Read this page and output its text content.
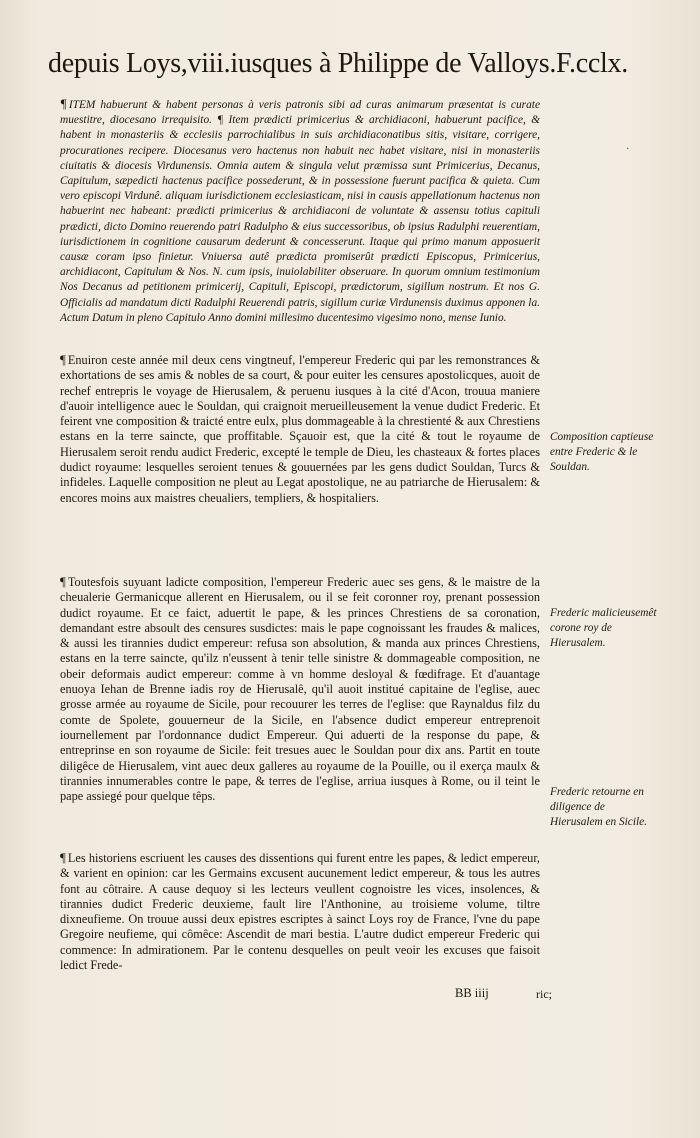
depuis Loys,viii.iusques à Philippe de Valloys.F.cclx.
·
¶ ITEM habuerunt & habent personas à veris patronis sibi ad curas animarum præsentat is curate muestitre, diocesano irrequisito. ¶ Item prædicti primicerius & archidiaconi, habuerunt pacifice, & habent in monasteriis & ecclesiis parrochialibus in suis archidiaconatibus sitis, visitare, corrigere, procurationes recipere. Diocesanus vero hactenus non habuit nec habet visitare, nisi in monasteriis ciuitatis & diocesis Virdunensis. Omnia autem & singula velut præmissa sunt Primicerius, Decanus, Capitulum, sæpedicti hactenus pacifice possederunt, & in possessione fuerunt pacifica & quieta. Cum vero episcopi Virdunê. aliquam iurisdictionem ecclesiasticam, nisi in causis appellationum hactenus non habuerint nec habeant: prædicti primicerius & archidiaconi de voluntate & assensu totius capituli prædicti, dicto Domino reuerendo patri Radulpho & eius successoribus, ob ipsius Radulphi reuerentiam, iurisdictionem in cognitione causarum dederunt & concesserunt. Itaque qui primo manum apposuerit causæ coram ipso finietur. Vniuersa autê prædicta promiserût prædicti Episcopus, Primicerius, archidiacont, Capitulum & Nos. N. cum ipsis, inuiolabiliter obseruare. In quorum omnium testimonium Nos Decanus ad petitionem primicerij, Capituli, Episcopi, prædictorum, sigillum nostrum. Et nos G. Officialis ad mandatum dicti Radulphi Reuerendi patris, sigillum curiæ Virdunensis duximus apponen la. Actum Datum in pleno Capitulo Anno domini millesimo ducentesimo vigesimo nono, mense Iunio.
¶ Enuiron ceste année mil deux cens vingtneuf, l'empereur Frederic qui par les remonstrances & exhortations de ses amis & nobles de sa court, & pour euiter les censures apostolicques, auoit de rechef entrepris le voyage de Hierusalem, & peruenu iusques à la cité d'Acon, trouua maniere d'auoir intelligence auec le Souldan, qui craignoit merueilleusement la venue dudict Frederic. Et feirent vne composition & traicté entre eulx, plus dommageable à la chrestienté & aux Chrestiens estans en la terre saincte, que proffitable. Sçauoir est, que la cité & tout le royaume de Hierusalem seroit rendu audict Frederic, excepté le temple de Dieu, les chasteaux & fortes places dudict royaume: lesquelles seroient tenues & gouuernées par les gens dudict Souldan, Turcs & infideles. Laquelle composition ne pleut au Legat apostolique, ne au patriarche de Hierusalem: & encores moins aux maistres cheualiers, templiers, & hospitaliers.
¶ Toutesfois suyuant ladicte composition, l'empereur Frederic auec ses gens, & le maistre de la cheualerie Germanicque allerent en Hierusalem, ou il se feit coronner roy, prenant possession dudict royaume. Et ce faict, aduertit le pape, & les princes Chrestiens de sa coronation, demandant estre absoult des censures susdictes: mais le pape cognoissant les fraudes & malices, & aussi les tirannies dudict empereur: refusa son absolution, & manda aux princes Chrestiens, estans en la terre saincte, qu'ilz n'eussent à tenir telle sinistre & dommageable composition, ne obeir deformais audict empereur: comme à vn homme desloyal & fœdifrage. Et d'auantage enuoya Iehan de Brenne iadis roy de Hierusalê, qu'il auoit institué capitaine de l'eglise, auec grosse armée au royaume de Sicile, pour recouurer les terres de l'eglise: que Raynaldus filz du comte de Spolete, gouuerneur de la Sicile, en l'absence dudict empereur entreprenoit iournellement par l'ordonnance dudict Empereur. Qui aduerti de la response du pape, & entreprinse en son royaume de Sicile: feit tresues auec le Souldan pour dix ans. Partit en toute diligêce de Hierusalem, vint auec deux galleres au royaume de la Pouille, ou il exerça maulx & tirannies innumerables contre le pape, & terres de l'eglise, arriua iusques à Rome, ou il teint le pape assiegé pour quelque têps.
¶ Les historiens escriuent les causes des dissentions qui furent entre les papes, & ledict empereur, & varient en opinion: car les Germains excusent aucunement ledict empereur, & tous les autres font au côtraire. A cause dequoy si les lecteurs veullent cognoistre les vices, insolences, & tirannies dudict Frederic deuxieme, fault lire l'Anthonine, au troisieme volume, tiltre dixneufieme. On trouue aussi deux epistres escriptes à sainct Loys roy de France, l'vne du pape Gregoire neufieme, qui cômêce: Ascendit de mari bestia. L'autre dudict empereur Frederic qui commence: In admirationem. Par le contenu desquelles on peult veoir les excuses que faisoit ledict Frede-
Composition captieuse entre Frederic & le Souldan.
Frederic malicieusemêt corone roy de Hierusalem.
Frederic retourne en diligence de Hierusalem en Sicile.
BB iiij	ric;
